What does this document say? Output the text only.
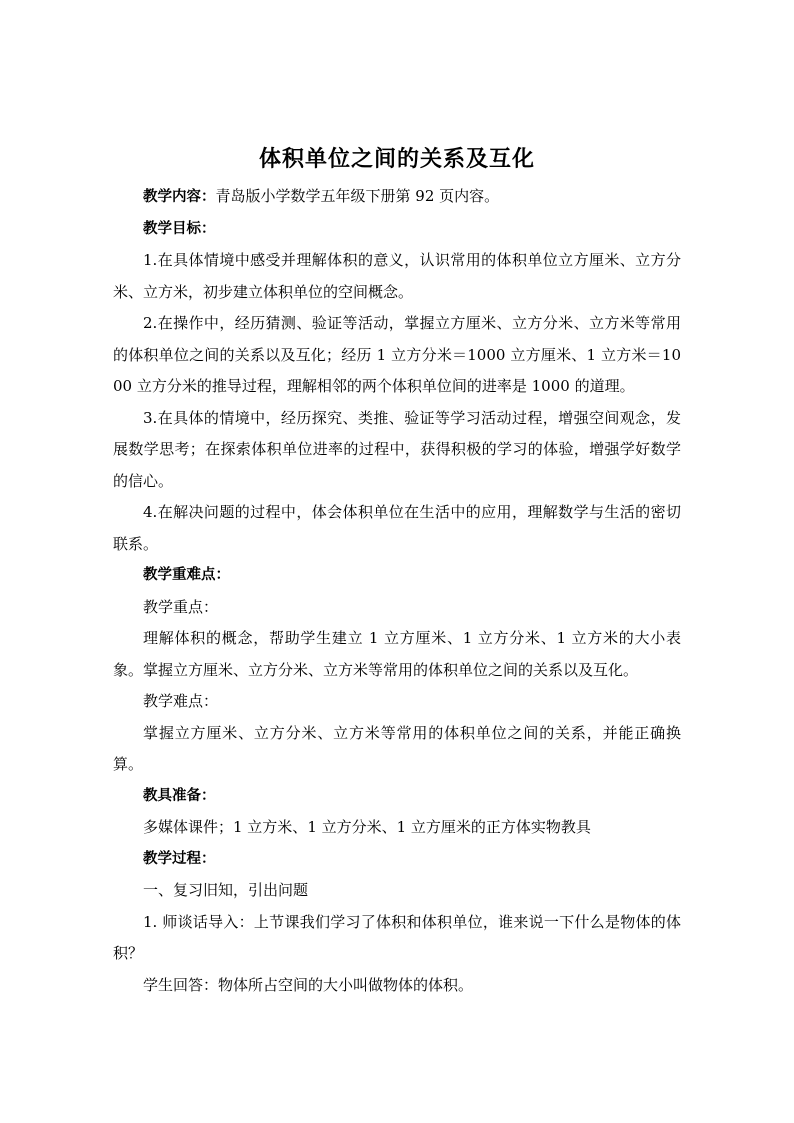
体积单位之间的关系及互化

教学内容：青岛版小学数学五年级下册第 92 页内容。

教学目标：

1.在具体情境中感受并理解体积的意义，认识常用的体积单位立方厘米、立方分米、立方米，初步建立体积单位的空间概念。

2.在操作中，经历猜测、验证等活动，掌握立方厘米、立方分米、立方米等常用的体积单位之间的关系以及互化；经历 1 立方分米＝1000 立方厘米、1 立方米＝1000 立方分米的推导过程，理解相邻的两个体积单位间的进率是 1000 的道理。

3.在具体的情境中，经历探究、类推、验证等学习活动过程，增强空间观念，发展数学思考；在探索体积单位进率的过程中，获得积极的学习的体验，增强学好数学的信心。

4.在解决问题的过程中，体会体积单位在生活中的应用，理解数学与生活的密切联系。

教学重难点：

教学重点：

理解体积的概念，帮助学生建立 1 立方厘米、1 立方分米、1 立方米的大小表象。掌握立方厘米、立方分米、立方米等常用的体积单位之间的关系以及互化。

教学难点：

掌握立方厘米、立方分米、立方米等常用的体积单位之间的关系，并能正确换算。

教具准备：

多媒体课件；1 立方米、1 立方分米、1 立方厘米的正方体实物教具

教学过程：

一、复习旧知，引出问题

1. 师谈话导入：上节课我们学习了体积和体积单位，谁来说一下什么是物体的体积？

学生回答：物体所占空间的大小叫做物体的体积。
